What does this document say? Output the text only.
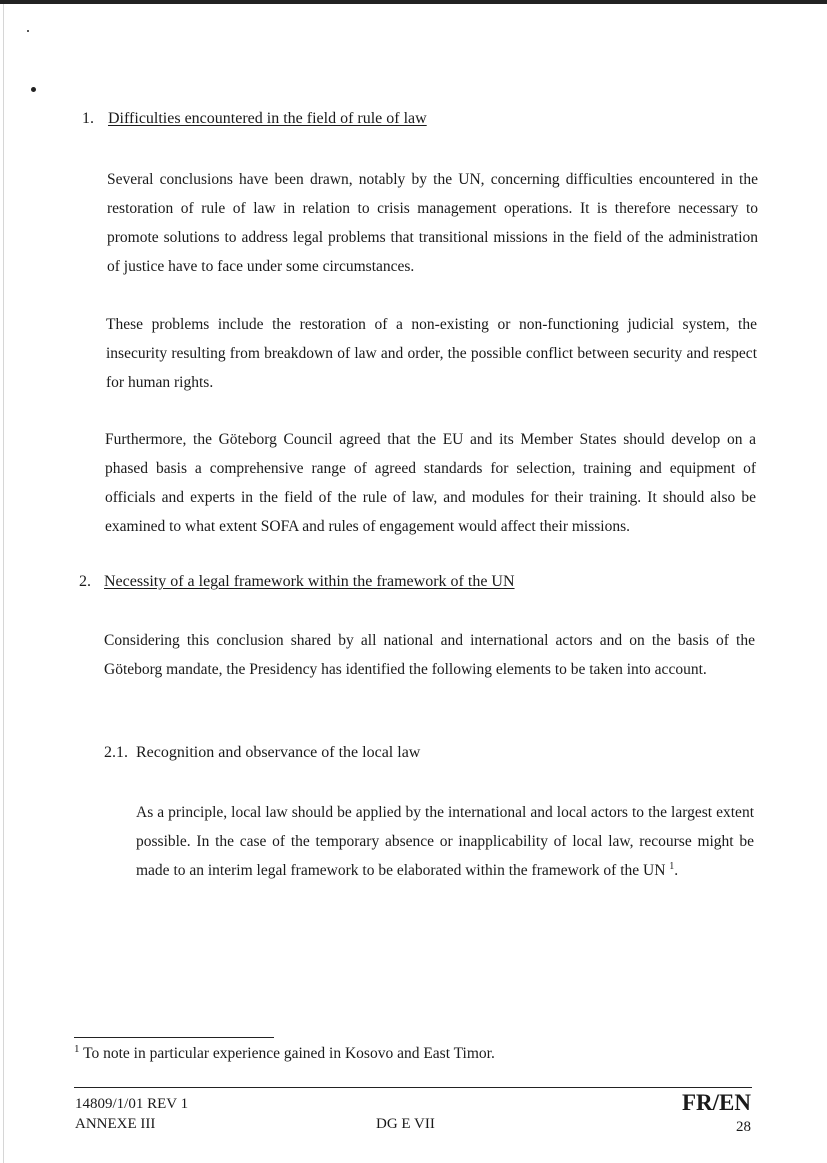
1. Difficulties encountered in the field of rule of law

Several conclusions have been drawn, notably by the UN, concerning difficulties encountered in the restoration of rule of law in relation to crisis management operations. It is therefore necessary to promote solutions to address legal problems that transitional missions in the field of the administration of justice have to face under some circumstances.

These problems include the restoration of a non-existing or non-functioning judicial system, the insecurity resulting from breakdown of law and order, the possible conflict between security and respect for human rights.

Furthermore, the Göteborg Council agreed that the EU and its Member States should develop on a phased basis a comprehensive range of agreed standards for selection, training and equipment of officials and experts in the field of the rule of law, and modules for their training. It should also be examined to what extent SOFA and rules of engagement would affect their missions.

2. Necessity of a legal framework within the framework of the UN

Considering this conclusion shared by all national and international actors and on the basis of the Göteborg mandate, the Presidency has identified the following elements to be taken into account.

2.1. Recognition and observance of the local law

As a principle, local law should be applied by the international and local actors to the largest extent possible. In the case of the temporary absence or inapplicability of local law, recourse might be made to an interim legal framework to be elaborated within the framework of the UN $^1$.

$^1$ To note in particular experience gained in Kosovo and East Timor.
14809/1/01 REV 1
ANNEXE III	DG E VII
FR/EN
28
